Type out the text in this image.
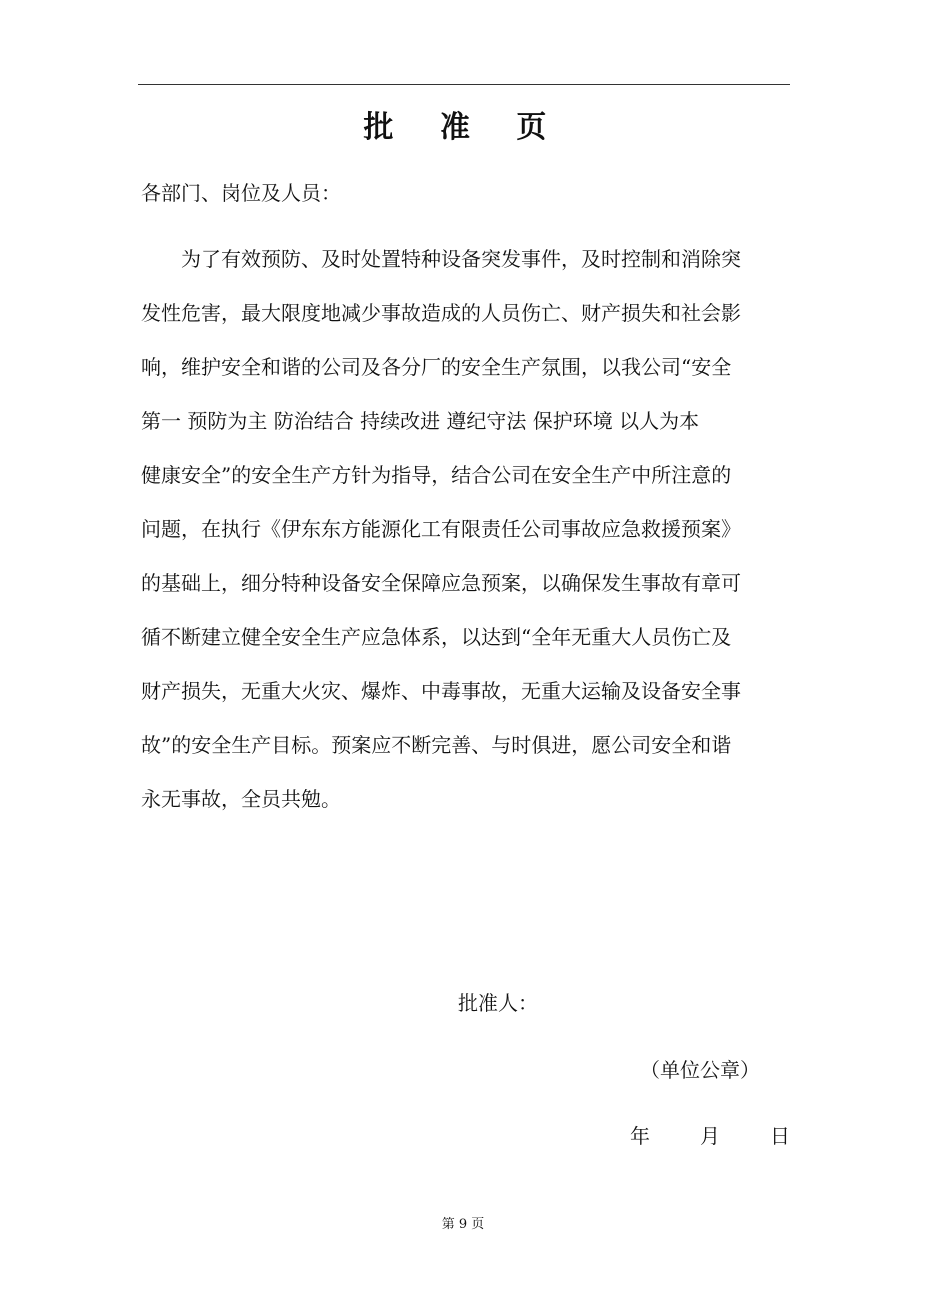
批 准 页
各部门、岗位及人员：
　　为了有效预防、及时处置特种设备突发事件，及时控制和消除突
发性危害，最大限度地减少事故造成的人员伤亡、财产损失和社会影
响，维护安全和谐的公司及各分厂的安全生产氛围，以我公司“安全
第一 预防为主 防治结合 持续改进 遵纪守法 保护环境 以人为本
健康安全”的安全生产方针为指导，结合公司在安全生产中所注意的
问题，在执行《伊东东方能源化工有限责任公司事故应急救援预案》
的基础上，细分特种设备安全保障应急预案，以确保发生事故有章可
循不断建立健全安全生产应急体系，以达到“全年无重大人员伤亡及
财产损失，无重大火灾、爆炸、中毒事故，无重大运输及设备安全事
故”的安全生产目标。预案应不断完善、与时俱进，愿公司安全和谐
永无事故，全员共勉。
批准人：
（单位公章）
年	月	日
第 9 页
